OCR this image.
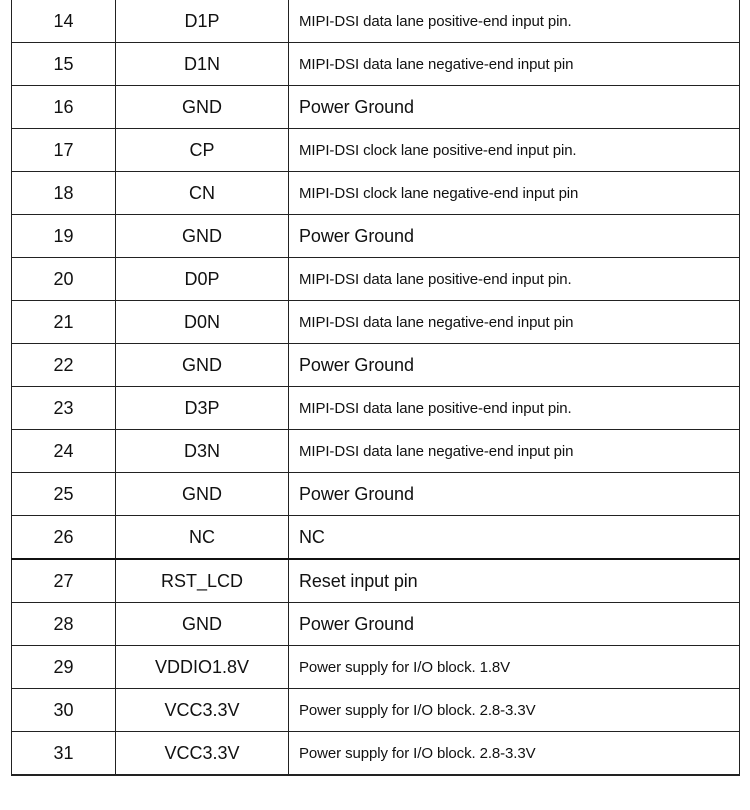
14	D1P	MIPI-DSI data lane positive-end input pin.
15	D1N	MIPI-DSI data lane negative-end input pin
16	GND	Power Ground
17	CP	MIPI-DSI clock lane positive-end input pin.
18	CN	MIPI-DSI clock lane negative-end input pin
19	GND	Power Ground
20	D0P	MIPI-DSI data lane positive-end input pin.
21	D0N	MIPI-DSI data lane negative-end input pin
22	GND	Power Ground
23	D3P	MIPI-DSI data lane positive-end input pin.
24	D3N	MIPI-DSI data lane negative-end input pin
25	GND	Power Ground
26	NC	NC
27	RST_LCD	Reset input pin
28	GND	Power Ground
29	VDDIO1.8V	Power supply for I/O block. 1.8V
30	VCC3.3V	Power supply for I/O block. 2.8-3.3V
31	VCC3.3V	Power supply for I/O block. 2.8-3.3V
